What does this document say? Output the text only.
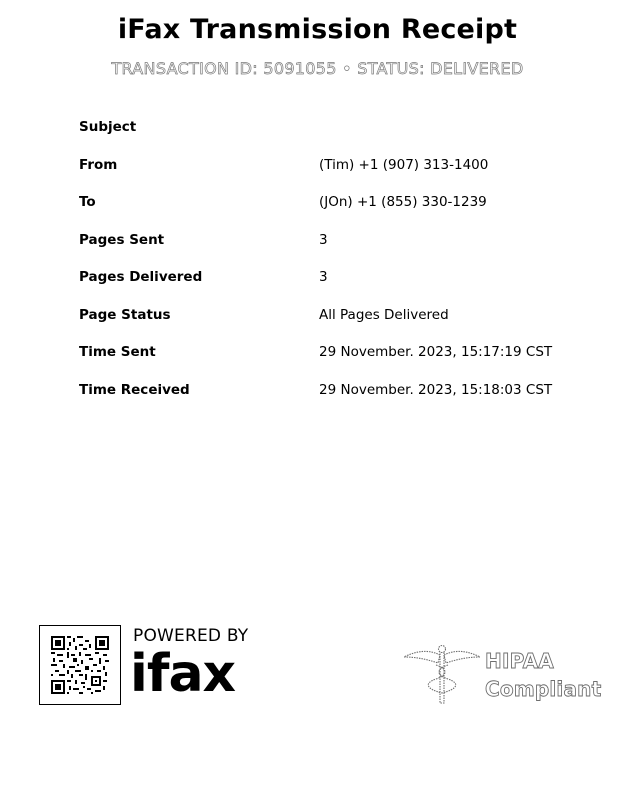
iFax Transmission Receipt
TRANSACTION ID: 5091055 • STATUS: DELIVERED
Subject
From	(Tim) +1 (907) 313-1400
To	(JOn) +1 (855) 330-1239
Pages Sent	3
Pages Delivered	3
Page Status	All Pages Delivered
Time Sent	29 November. 2023, 15:17:19 CST
Time Received	29 November. 2023, 15:18:03 CST
POWERED BY
ifax	HIPAA
Compliant
